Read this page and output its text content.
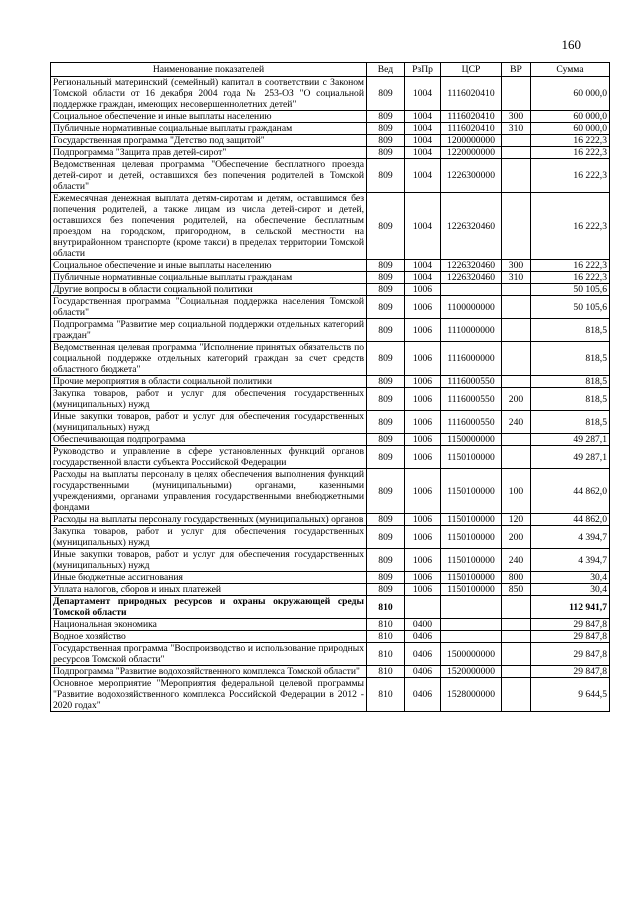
160
Наименование показателей	Вед	РзПр	ЦСР	ВР	Сумма
Региональный материнский (семейный) капитал в соответствии с Законом Томской области от 16 декабря 2004 года № 253-ОЗ "О социальной поддержке граждан, имеющих несовершеннолетних детей"	809	1004	1116020410		60 000,0
Социальное обеспечение и иные выплаты населению	809	1004	1116020410	300	60 000,0
Публичные нормативные социальные выплаты гражданам	809	1004	1116020410	310	60 000,0
Государственная программа "Детство под защитой"	809	1004	1200000000		16 222,3
Подпрограмма "Защита прав детей-сирот"	809	1004	1220000000		16 222,3
Ведомственная целевая программа "Обеспечение бесплатного проезда детей-сирот и детей, оставшихся без попечения родителей в Томской области"	809	1004	1226300000		16 222,3
Ежемесячная денежная выплата детям-сиротам и детям, оставшимся без попечения родителей, а также лицам из числа детей-сирот и детей, оставшихся без попечения родителей, на обеспечение бесплатным проездом на городском, пригородном, в сельской местности на внутрирайонном транспорте (кроме такси) в пределах территории Томской области	809	1004	1226320460		16 222,3
Социальное обеспечение и иные выплаты населению	809	1004	1226320460	300	16 222,3
Публичные нормативные социальные выплаты гражданам	809	1004	1226320460	310	16 222,3
Другие вопросы в области социальной политики	809	1006			50 105,6
Государственная программа "Социальная поддержка населения Томской области"	809	1006	1100000000		50 105,6
Подпрограмма "Развитие мер социальной поддержки отдельных категорий граждан"	809	1006	1110000000		818,5
Ведомственная целевая программа "Исполнение принятых обязательств по социальной поддержке отдельных категорий граждан за счет средств областного бюджета"	809	1006	1116000000		818,5
Прочие мероприятия в области социальной политики	809	1006	1116000550		818,5
Закупка товаров, работ и услуг для обеспечения государственных (муниципальных) нужд	809	1006	1116000550	200	818,5
Иные закупки товаров, работ и услуг для обеспечения государственных (муниципальных) нужд	809	1006	1116000550	240	818,5
Обеспечивающая подпрограмма	809	1006	1150000000		49 287,1
Руководство и управление в сфере установленных функций органов государственной власти субъекта Российской Федерации	809	1006	1150100000		49 287,1
Расходы на выплаты персоналу в целях обеспечения выполнения функций государственными (муниципальными) органами, казенными учреждениями, органами управления государственными внебюджетными фондами	809	1006	1150100000	100	44 862,0
Расходы на выплаты персоналу государственных (муниципальных) органов	809	1006	1150100000	120	44 862,0
Закупка товаров, работ и услуг для обеспечения государственных (муниципальных) нужд	809	1006	1150100000	200	4 394,7
Иные закупки товаров, работ и услуг для обеспечения государственных (муниципальных) нужд	809	1006	1150100000	240	4 394,7
Иные бюджетные ассигнования	809	1006	1150100000	800	30,4
Уплата налогов, сборов и иных платежей	809	1006	1150100000	850	30,4
Департамент природных ресурсов и охраны окружающей среды Томской области	810				112 941,7
Национальная экономика	810	0400			29 847,8
Водное хозяйство	810	0406			29 847,8
Государственная программа "Воспроизводство и использование природных ресурсов Томской области"	810	0406	1500000000		29 847,8
Подпрограмма "Развитие водохозяйственного комплекса Томской области"	810	0406	1520000000		29 847,8
Основное мероприятие "Мероприятия федеральной целевой программы "Развитие водохозяйственного комплекса Российской Федерации в 2012 - 2020 годах"	810	0406	1528000000		9 644,5
